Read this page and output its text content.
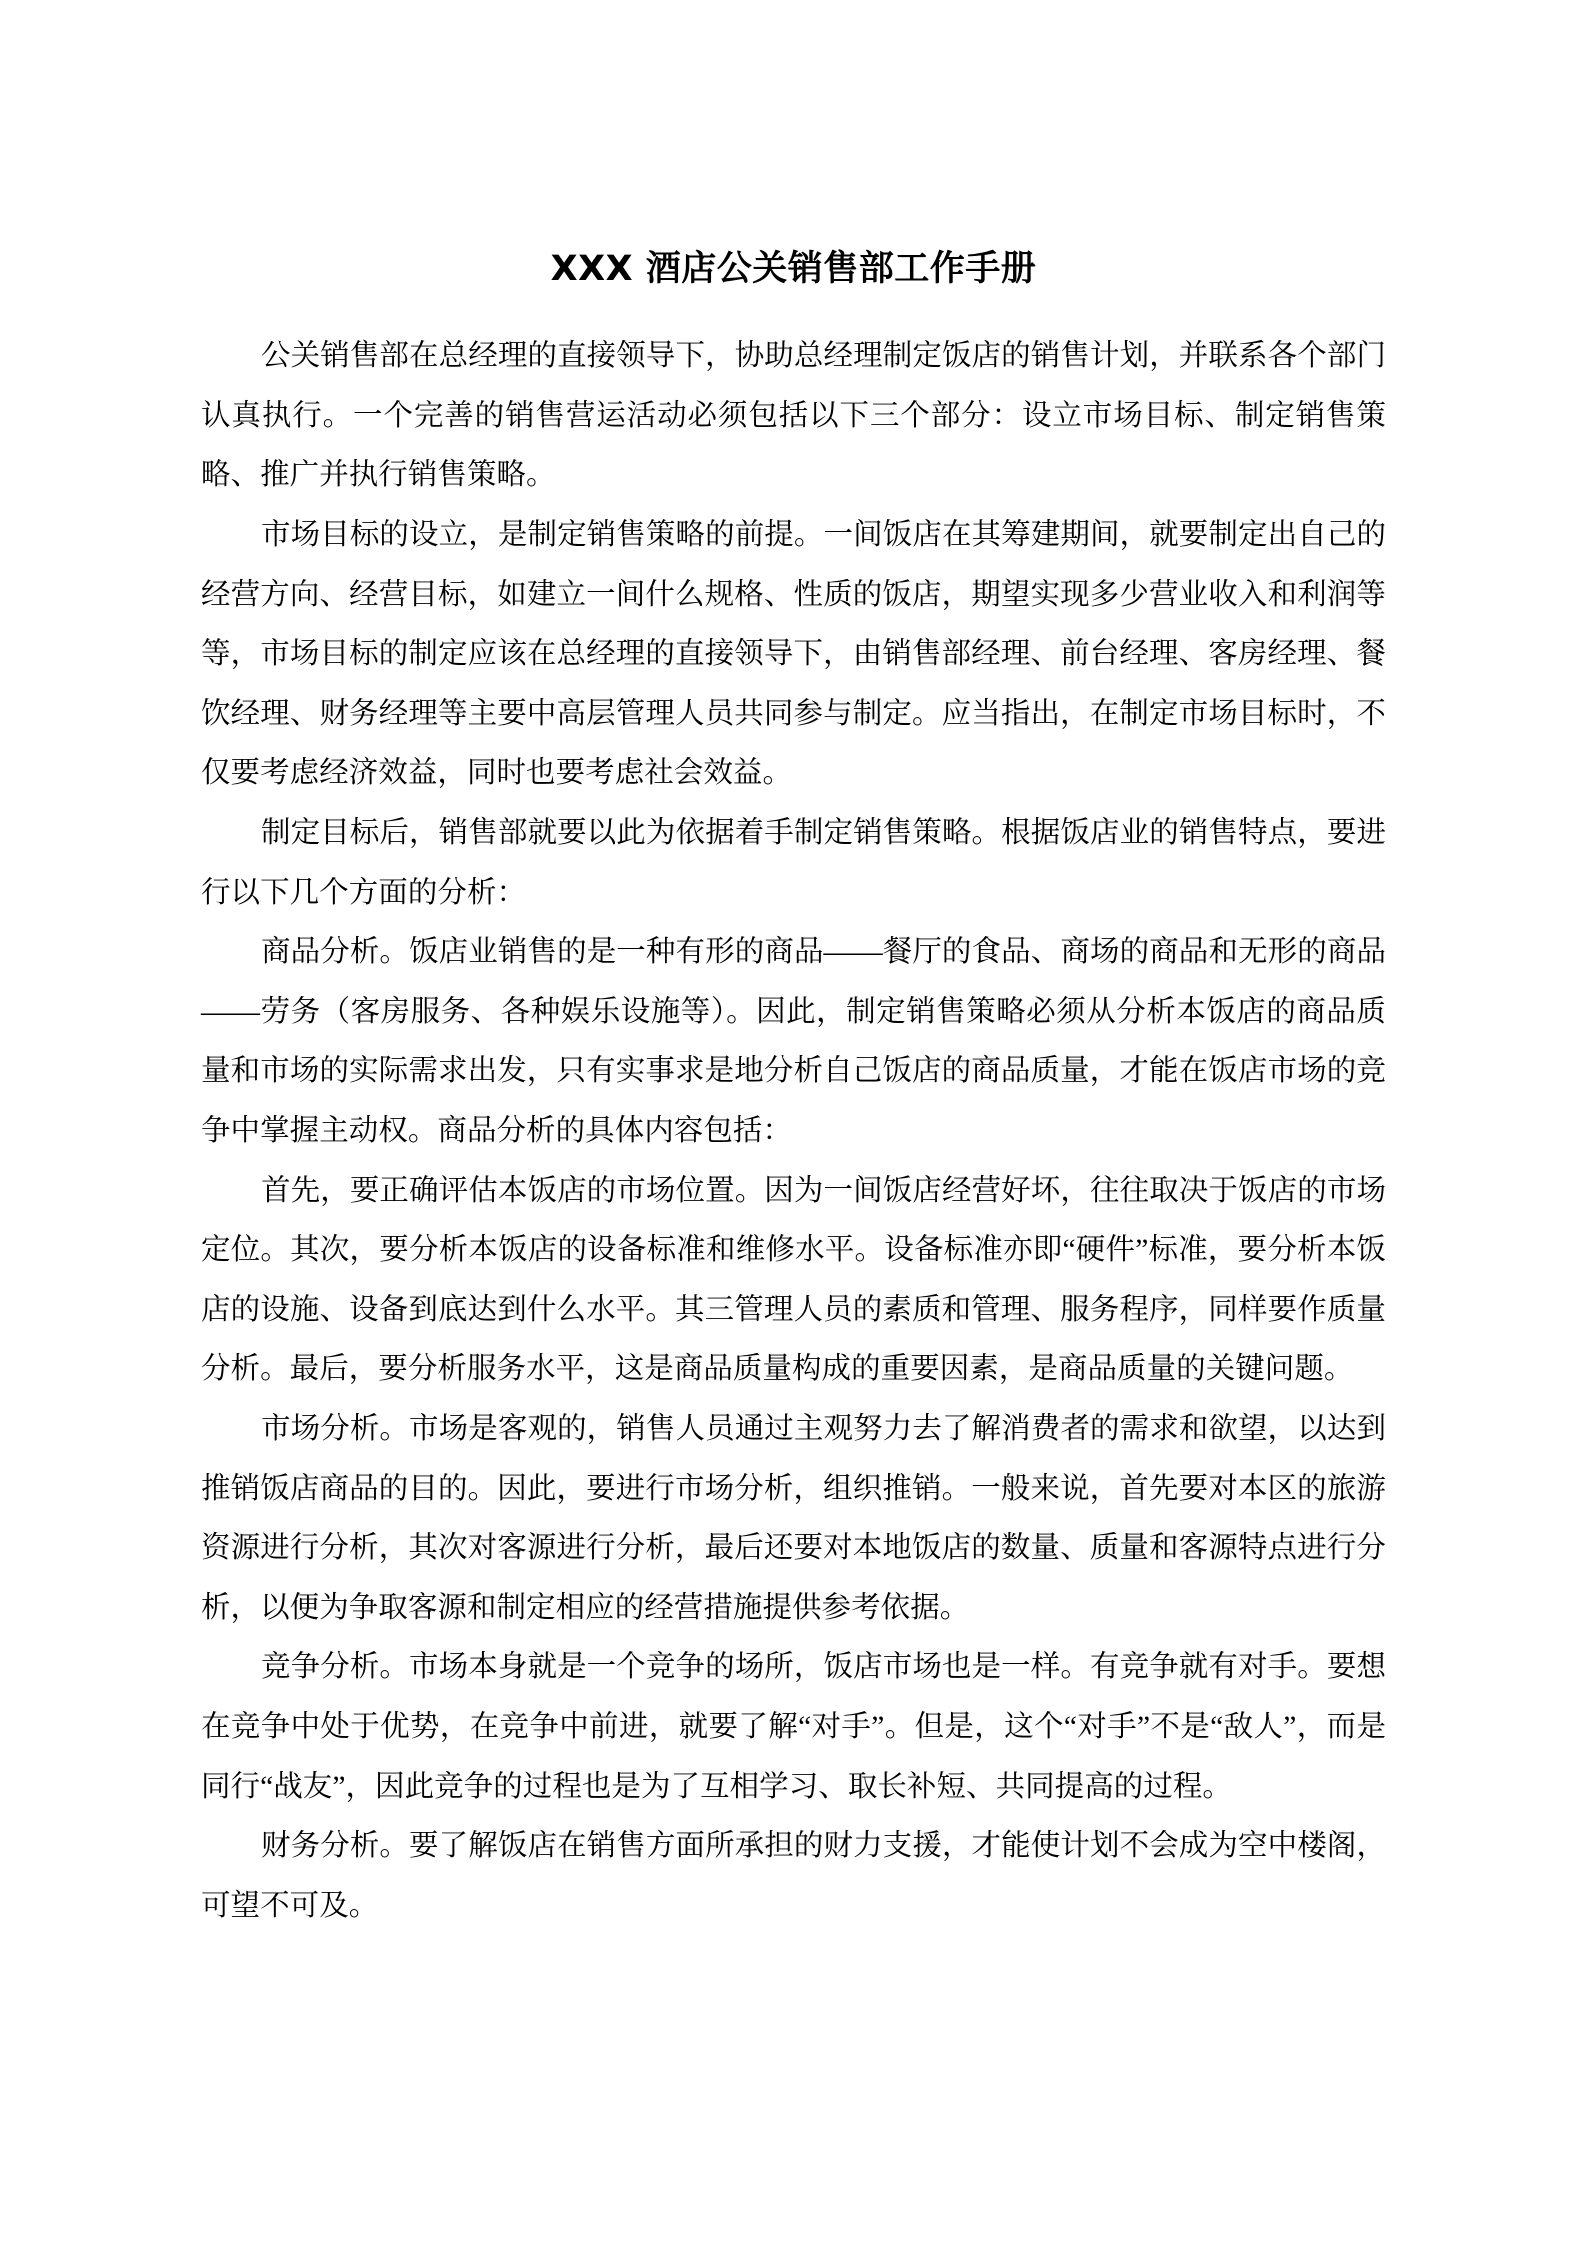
XXX 酒店公关销售部工作手册

公关销售部在总经理的直接领导下，协助总经理制定饭店的销售计划，并联系各个部门认真执行。一个完善的销售营运活动必须包括以下三个部分：设立市场目标、制定销售策略、推广并执行销售策略。

市场目标的设立，是制定销售策略的前提。一间饭店在其筹建期间，就要制定出自己的经营方向、经营目标，如建立一间什么规格、性质的饭店，期望实现多少营业收入和利润等等，市场目标的制定应该在总经理的直接领导下，由销售部经理、前台经理、客房经理、餐饮经理、财务经理等主要中高层管理人员共同参与制定。应当指出，在制定市场目标时，不仅要考虑经济效益，同时也要考虑社会效益。

制定目标后，销售部就要以此为依据着手制定销售策略。根据饭店业的销售特点，要进行以下几个方面的分析：

商品分析。饭店业销售的是一种有形的商品——餐厅的食品、商场的商品和无形的商品——劳务（客房服务、各种娱乐设施等）。因此，制定销售策略必须从分析本饭店的商品质量和市场的实际需求出发，只有实事求是地分析自己饭店的商品质量，才能在饭店市场的竞争中掌握主动权。商品分析的具体内容包括：

首先，要正确评估本饭店的市场位置。因为一间饭店经营好坏，往往取决于饭店的市场定位。其次，要分析本饭店的设备标准和维修水平。设备标准亦即“硬件”标准，要分析本饭店的设施、设备到底达到什么水平。其三管理人员的素质和管理、服务程序，同样要作质量分析。最后，要分析服务水平，这是商品质量构成的重要因素，是商品质量的关键问题。

市场分析。市场是客观的，销售人员通过主观努力去了解消费者的需求和欲望，以达到推销饭店商品的目的。因此，要进行市场分析，组织推销。一般来说，首先要对本区的旅游资源进行分析，其次对客源进行分析，最后还要对本地饭店的数量、质量和客源特点进行分析，以便为争取客源和制定相应的经营措施提供参考依据。

竞争分析。市场本身就是一个竞争的场所，饭店市场也是一样。有竞争就有对手。要想在竞争中处于优势，在竞争中前进，就要了解“对手”。但是，这个“对手”不是“敌人”，而是同行“战友”，因此竞争的过程也是为了互相学习、取长补短、共同提高的过程。

财务分析。要了解饭店在销售方面所承担的财力支援，才能使计划不会成为空中楼阁，可望不可及。
